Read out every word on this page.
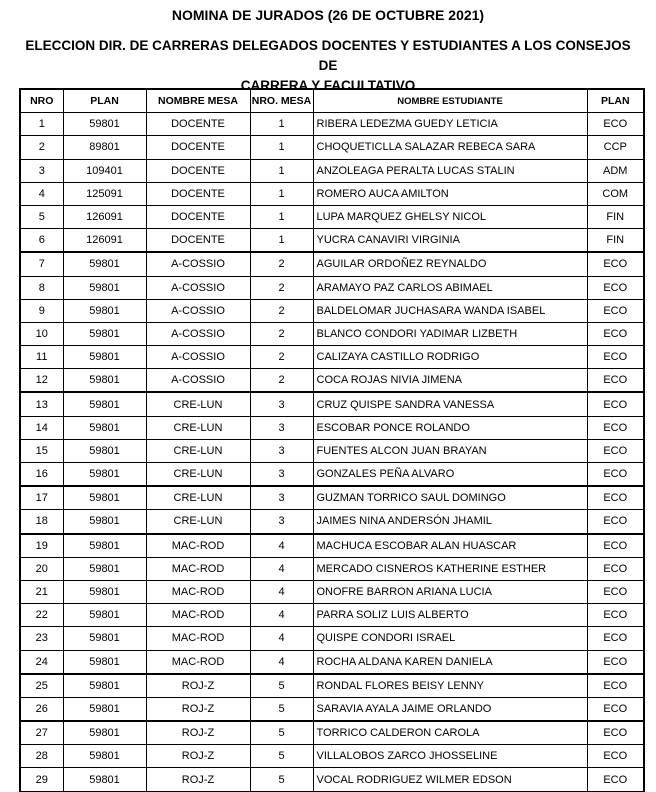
NOMINA DE JURADOS (26 DE OCTUBRE 2021)
ELECCION DIR. DE CARRERAS DELEGADOS DOCENTES Y ESTUDIANTES A LOS CONSEJOS DE
CARRERA Y FACULTATIVO
NRO	PLAN	NOMBRE MESA	NRO. MESA	NOMBRE ESTUDIANTE	PLAN
1	59801	DOCENTE	1	RIBERA LEDEZMA GUEDY LETICIA	ECO
2	89801	DOCENTE	1	CHOQUETICLLA SALAZAR REBECA SARA	CCP
3	109401	DOCENTE	1	ANZOLEAGA PERALTA LUCAS STALIN	ADM
4	125091	DOCENTE	1	ROMERO AUCA AMILTON	COM
5	126091	DOCENTE	1	LUPA MARQUEZ GHELSY NICOL	FIN
6	126091	DOCENTE	1	YUCRA CANAVIRI VIRGINIA	FIN
7	59801	A-COSSIO	2	AGUILAR ORDOÑEZ REYNALDO	ECO
8	59801	A-COSSIO	2	ARAMAYO PAZ CARLOS ABIMAEL	ECO
9	59801	A-COSSIO	2	BALDELOMAR JUCHASARA WANDA ISABEL	ECO
10	59801	A-COSSIO	2	BLANCO CONDORI YADIMAR LIZBETH	ECO
11	59801	A-COSSIO	2	CALIZAYA CASTILLO RODRIGO	ECO
12	59801	A-COSSIO	2	COCA ROJAS NIVIA JIMENA	ECO
13	59801	CRE-LUN	3	CRUZ QUISPE SANDRA VANESSA	ECO
14	59801	CRE-LUN	3	ESCOBAR PONCE ROLANDO	ECO
15	59801	CRE-LUN	3	FUENTES ALCON JUAN BRAYAN	ECO
16	59801	CRE-LUN	3	GONZALES PEÑA ALVARO	ECO
17	59801	CRE-LUN	3	GUZMAN TORRICO SAUL DOMINGO	ECO
18	59801	CRE-LUN	3	JAIMES NINA ANDERSÓN JHAMIL	ECO
19	59801	MAC-ROD	4	MACHUCA ESCOBAR ALAN HUASCAR	ECO
20	59801	MAC-ROD	4	MERCADO CISNEROS KATHERINE ESTHER	ECO
21	59801	MAC-ROD	4	ONOFRE BARRON ARIANA LUCIA	ECO
22	59801	MAC-ROD	4	PARRA SOLIZ LUIS ALBERTO	ECO
23	59801	MAC-ROD	4	QUISPE CONDORI ISRAEL	ECO
24	59801	MAC-ROD	4	ROCHA ALDANA KAREN DANIELA	ECO
25	59801	ROJ-Z	5	RONDAL FLORES BEISY LENNY	ECO
26	59801	ROJ-Z	5	SARAVIA AYALA JAIME ORLANDO	ECO
27	59801	ROJ-Z	5	TORRICO CALDERON CAROLA	ECO
28	59801	ROJ-Z	5	VILLALOBOS ZARCO JHOSSELINE	ECO
29	59801	ROJ-Z	5	VOCAL RODRIGUEZ WILMER EDSON	ECO
